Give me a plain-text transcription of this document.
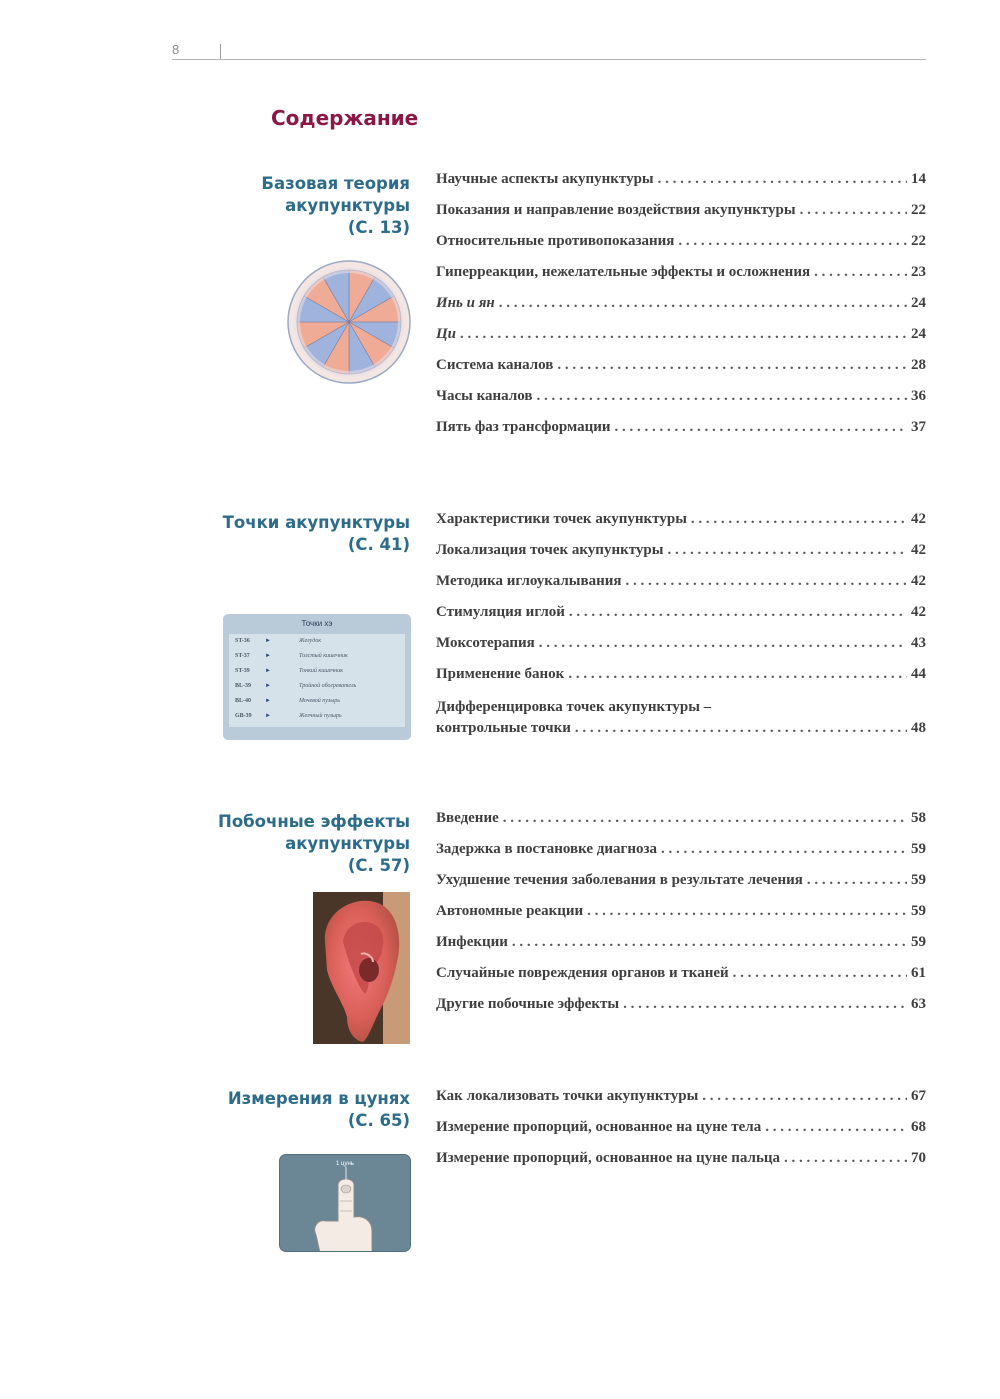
8
Содержание
Базовая теория
акупунктуры
(С. 13)
Научные аспекты акупунктуры . . .	14
Показания и направление воздействия акупунктуры . . .	22
Относительные противопоказания . . .	22
Гиперреакции, нежелательные эффекты и осложнения . . .	23
Инь и ян . . .	24
Ци . . .	24
Система каналов . . .	28
Часы каналов . . .	36
Пять фаз трансформации . . .	37
Точки акупунктуры
(С. 41)
Точки хэ
ST-36	►	Желудок
ST-37	►	Толстый кишечник
ST-39	►	Тонкий кишечник
BL-39	►	Тройной обогреватель
BL-40	►	Мочевой пузырь
GB-39	►	Желчный пузырь
Характеристики точек акупунктуры . . .	42
Локализация точек акупунктуры . . .	42
Методика иглоукалывания . . .	42
Стимуляция иглой . . .	42
Моксотерапия . . .	43
Применение банок . . .	44
Дифференцировка точек акупунктуры –
контрольные точки . . .	48
Побочные эффекты
акупунктуры
(С. 57)
Введение . . .	58
Задержка в постановке диагноза . . .	59
Ухудшение течения заболевания в результате лечения . . .	59
Автономные реакции . . .	59
Инфекции . . .	59
Случайные повреждения органов и тканей . . .	61
Другие побочные эффекты . . .	63
Измерения в цунях
(С. 65)
1 цунь
Как локализовать точки акупунктуры . . .	67
Измерение пропорций, основанное на цуне тела . . .	68
Измерение пропорций, основанное на цуне пальца . . .	70
